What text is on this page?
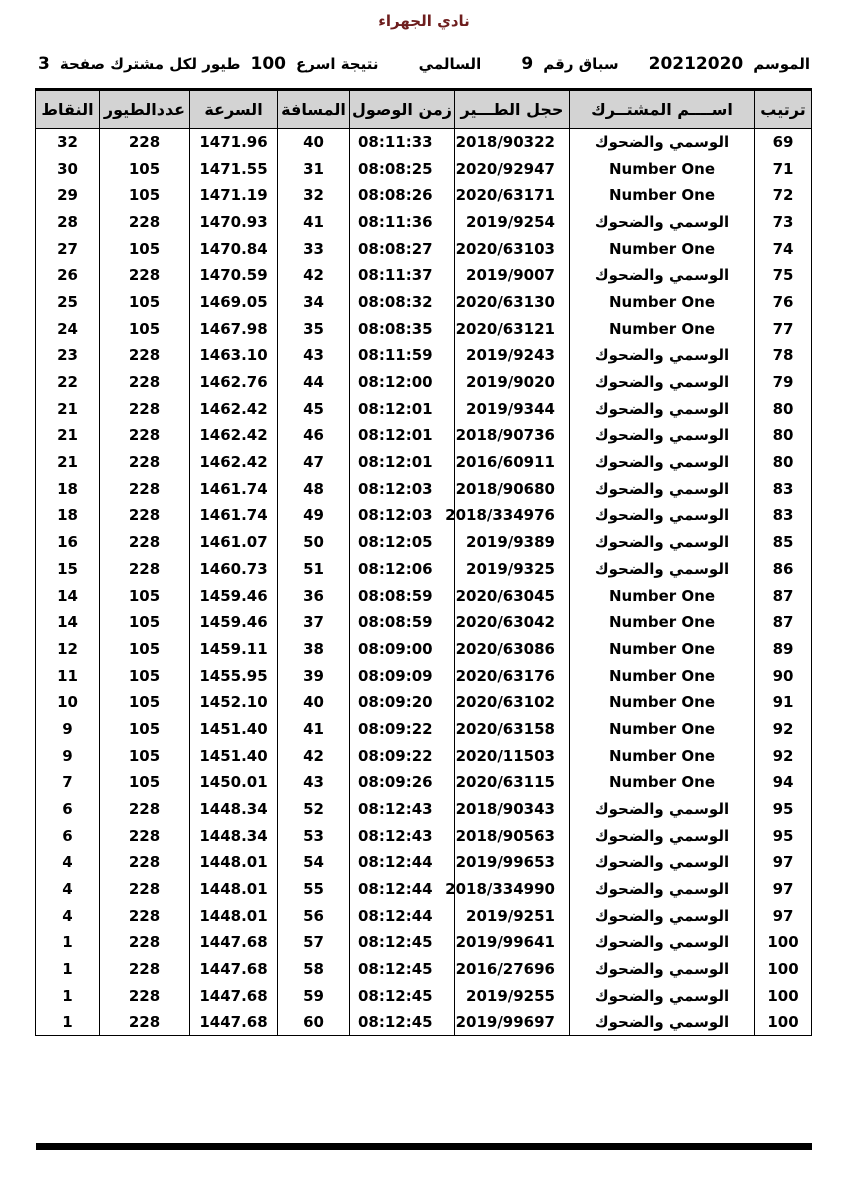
نادي الجهراء
الموسم
20212020
سباق رقم
9
السالمي
نتيجة اسرع
100
طيور لكل مشترك صفحة
3
ترتيب	اســــم المشتــرك	حجل الطـــير	زمن الوصول	المسافة	السرعة	عددالطيور	النقاط
69	الوسمي والضحوك	2018/90322	08:11:33	40	1471.96	228	32
71	Number One	2020/92947	08:08:25	31	1471.55	105	30
72	Number One	2020/63171	08:08:26	32	1471.19	105	29
73	الوسمي والضحوك	2019/9254	08:11:36	41	1470.93	228	28
74	Number One	2020/63103	08:08:27	33	1470.84	105	27
75	الوسمي والضحوك	2019/9007	08:11:37	42	1470.59	228	26
76	Number One	2020/63130	08:08:32	34	1469.05	105	25
77	Number One	2020/63121	08:08:35	35	1467.98	105	24
78	الوسمي والضحوك	2019/9243	08:11:59	43	1463.10	228	23
79	الوسمي والضحوك	2019/9020	08:12:00	44	1462.76	228	22
80	الوسمي والضحوك	2019/9344	08:12:01	45	1462.42	228	21
80	الوسمي والضحوك	2018/90736	08:12:01	46	1462.42	228	21
80	الوسمي والضحوك	2016/60911	08:12:01	47	1462.42	228	21
83	الوسمي والضحوك	2018/90680	08:12:03	48	1461.74	228	18
83	الوسمي والضحوك	2018/334976	08:12:03	49	1461.74	228	18
85	الوسمي والضحوك	2019/9389	08:12:05	50	1461.07	228	16
86	الوسمي والضحوك	2019/9325	08:12:06	51	1460.73	228	15
87	Number One	2020/63045	08:08:59	36	1459.46	105	14
87	Number One	2020/63042	08:08:59	37	1459.46	105	14
89	Number One	2020/63086	08:09:00	38	1459.11	105	12
90	Number One	2020/63176	08:09:09	39	1455.95	105	11
91	Number One	2020/63102	08:09:20	40	1452.10	105	10
92	Number One	2020/63158	08:09:22	41	1451.40	105	9
92	Number One	2020/11503	08:09:22	42	1451.40	105	9
94	Number One	2020/63115	08:09:26	43	1450.01	105	7
95	الوسمي والضحوك	2018/90343	08:12:43	52	1448.34	228	6
95	الوسمي والضحوك	2018/90563	08:12:43	53	1448.34	228	6
97	الوسمي والضحوك	2019/99653	08:12:44	54	1448.01	228	4
97	الوسمي والضحوك	2018/334990	08:12:44	55	1448.01	228	4
97	الوسمي والضحوك	2019/9251	08:12:44	56	1448.01	228	4
100	الوسمي والضحوك	2019/99641	08:12:45	57	1447.68	228	1
100	الوسمي والضحوك	2016/27696	08:12:45	58	1447.68	228	1
100	الوسمي والضحوك	2019/9255	08:12:45	59	1447.68	228	1
100	الوسمي والضحوك	2019/99697	08:12:45	60	1447.68	228	1
